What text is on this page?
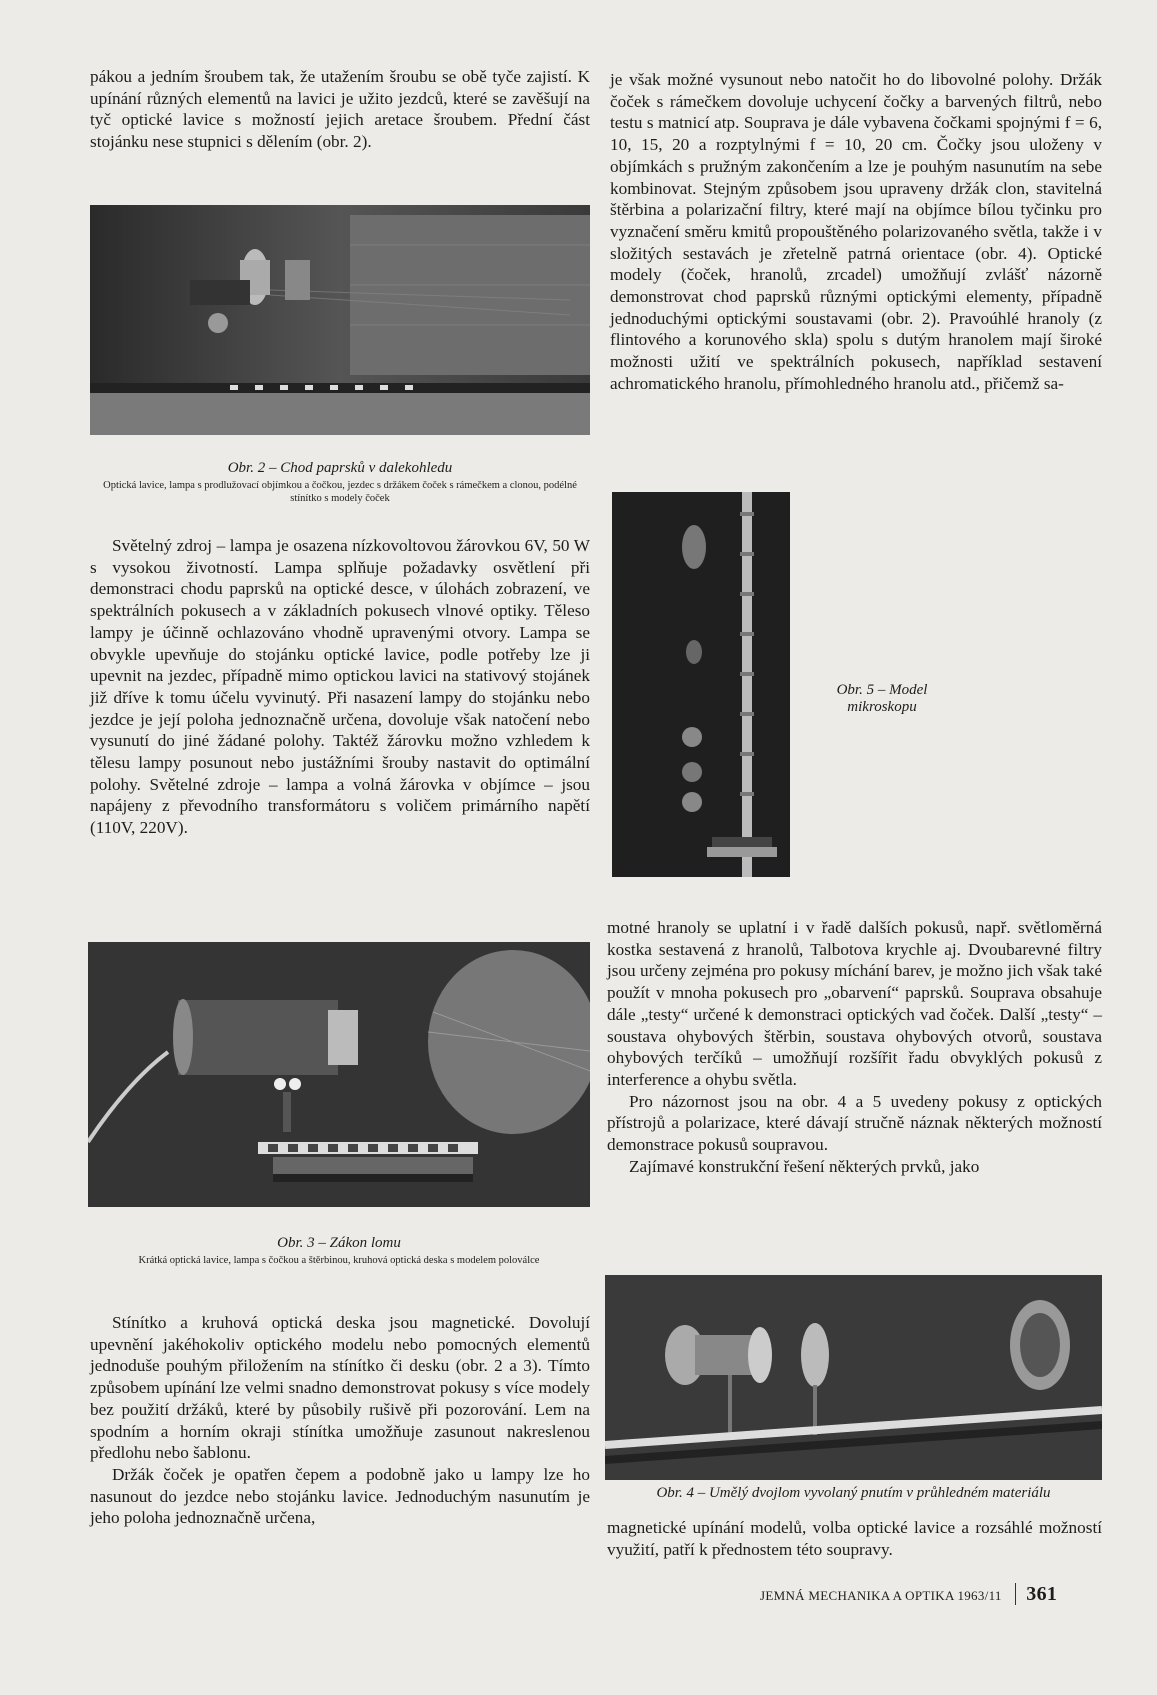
pákou a jedním šroubem tak, že utažením šroubu se obě tyče zajistí. K upínání různých elementů na lavici je užito jezdců, které se zavěšují na tyč optické lavice s možností jejich aretace šroubem. Přední část stojánku nese stupnici s dělením (obr. 2).

Obr. 2 – Chod paprsků v dalekohledu

Optická lavice, lampa s prodlužovací objímkou a čočkou, jezdec s držákem čoček s rámečkem a clonou, podélné stínítko s modely čoček

Světelný zdroj – lampa je osazena nízkovoltovou žárovkou 6V, 50 W s vysokou životností. Lampa splňuje požadavky osvětlení při demonstraci chodu paprsků na optické desce, v úlohách zobrazení, ve spektrálních pokusech a v základních pokusech vlnové optiky. Těleso lampy je účinně ochlazováno vhodně upravenými otvory. Lampa se obvykle upevňuje do stojánku optické lavice, podle potřeby lze ji upevnit na jezdec, případně mimo optickou lavici na stativový stojánek již dříve k tomu účelu vyvinutý. Při nasazení lampy do stojánku nebo jezdce je její poloha jednoznačně určena, dovoluje však natočení nebo vysunutí do jiné žádané polohy. Taktéž žárovku možno vzhledem k tělesu lampy posunout nebo justážními šrouby nastavit do optimální polohy. Světelné zdroje – lampa a volná žárovka v objímce – jsou napájeny z převodního transformátoru s voličem primárního napětí (110V, 220V).

Obr. 3 – Zákon lomu

Krátká optická lavice, lampa s čočkou a štěrbinou, kruhová optická deska s modelem poloválce

Stínítko a kruhová optická deska jsou magnetické. Dovolují upevnění jakéhokoliv optického modelu nebo pomocných elementů jednoduše pouhým přiložením na stínítko či desku (obr. 2 a 3). Tímto způsobem upínání lze velmi snadno demonstrovat pokusy s více modely bez použití držáků, které by působily rušivě při pozorování. Lem na spodním a horním okraji stínítka umožňuje zasunout nakreslenou předlohu nebo šablonu.

Držák čoček je opatřen čepem a podobně jako u lampy lze ho nasunout do jezdce nebo stojánku lavice. Jednoduchým nasunutím je jeho poloha jednoznačně určena,

je však možné vysunout nebo natočit ho do libovolné polohy. Držák čoček s rámečkem dovoluje uchycení čočky a barvených filtrů, nebo testu s matnicí atp. Souprava je dále vybavena čočkami spojnými f = 6, 10, 15, 20 a rozptylnými f = 10, 20 cm. Čočky jsou uloženy v objímkách s pružným zakončením a lze je pouhým nasunutím na sebe kombinovat. Stejným způsobem jsou upraveny držák clon, stavitelná štěrbina a polarizační filtry, které mají na objímce bílou tyčinku pro vyznačení směru kmitů propouštěného polarizovaného světla, takže i v složitých sestavách je zřetelně patrná orientace (obr. 4). Optické modely (čoček, hranolů, zrcadel) umožňují zvlášť názorně demonstrovat chod paprsků různými optickými elementy, případně jednoduchými optickými soustavami (obr. 2). Pravoúhlé hranoly (z flintového a korunového skla) spolu s dutým hranolem mají široké možnosti užití ve spektrálních pokusech, například sestavení achromatického hranolu, přímohledného hranolu atd., přičemž sa-

Obr. 5 – Model mikroskopu

motné hranoly se uplatní i v řadě dalších pokusů, např. světloměrná kostka sestavená z hranolů, Talbotova krychle aj. Dvoubarevné filtry jsou určeny zejména pro pokusy míchání barev, je možno jich však také použít v mnoha pokusech pro „obarvení“ paprsků. Souprava obsahuje dále „testy“ určené k demonstraci optických vad čoček. Další „testy“ – soustava ohybových štěrbin, soustava ohybových otvorů, soustava ohybových terčíků – umožňují rozšířit řadu obvyklých pokusů z interference a ohybu světla.

Pro názornost jsou na obr. 4 a 5 uvedeny pokusy z optických přístrojů a polarizace, které dávají stručně náznak některých možností demonstrace pokusů soupravou.

Zajímavé konstrukční řešení některých prvků, jako

Obr. 4 – Umělý dvojlom vyvolaný pnutím v průhledném materiálu

magnetické upínání modelů, volba optické lavice a rozsáhlé možností využití, patří k přednostem této soupravy.

JEMNÁ MECHANIKA A OPTIKA 1963/11 361
